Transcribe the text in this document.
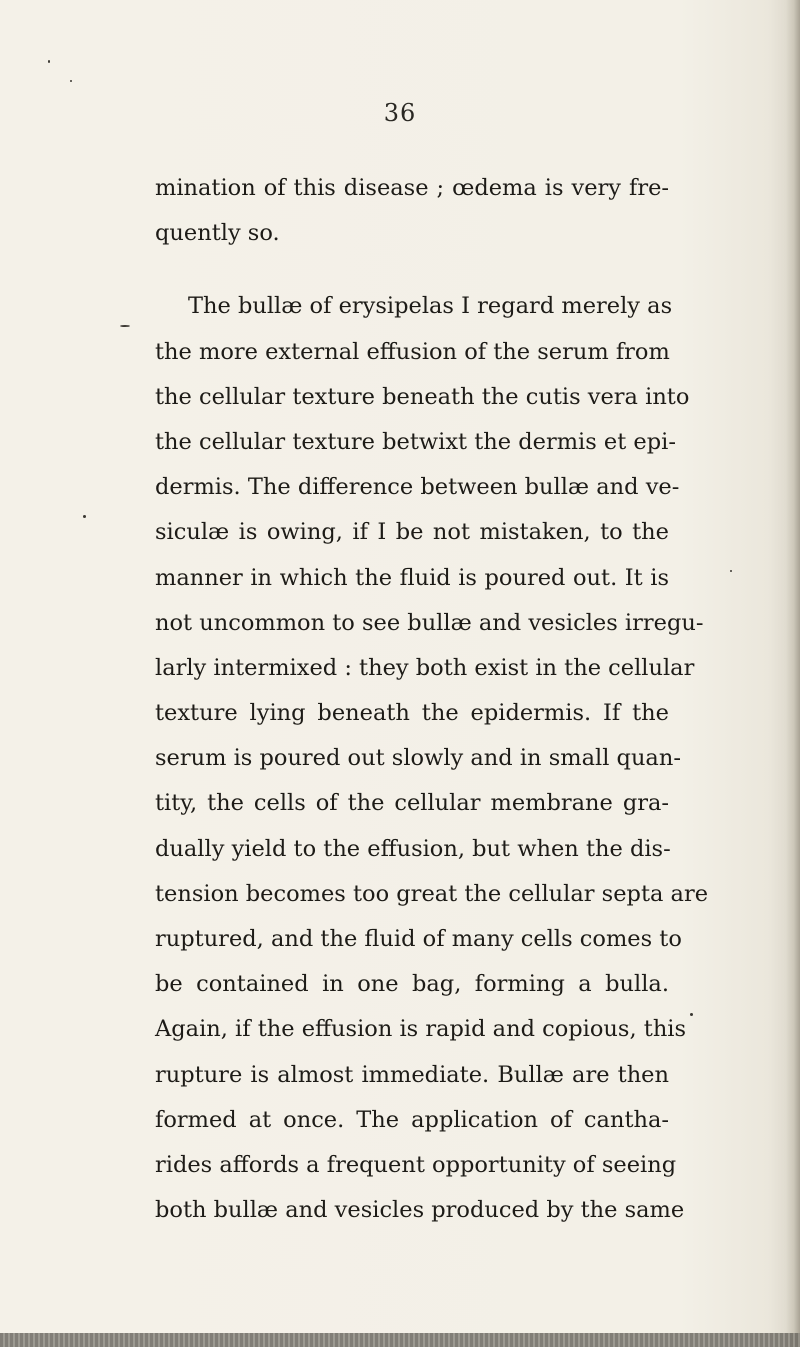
36
mination of this disease ; œdema is very fre-
quently so.
The bullæ of erysipelas I regard merely as
the more external effusion of the serum from
the cellular texture beneath the cutis vera into
the cellular texture betwixt the dermis et epi-
dermis. The difference between bullæ and ve-
siculæ is owing, if I be not mistaken, to the
manner in which the fluid is poured out. It is
not uncommon to see bullæ and vesicles irregu-
larly intermixed : they both exist in the cellular
texture lying beneath the epidermis. If the
serum is poured out slowly and in small quan-
tity, the cells of the cellular membrane gra-
dually yield to the effusion, but when the dis-
tension becomes too great the cellular septa are
ruptured, and the fluid of many cells comes to
be contained in one bag, forming a bulla.
Again, if the effusion is rapid and copious, this
rupture is almost immediate. Bullæ are then
formed at once. The application of cantha-
rides affords a frequent opportunity of seeing
both bullæ and vesicles produced by the same
